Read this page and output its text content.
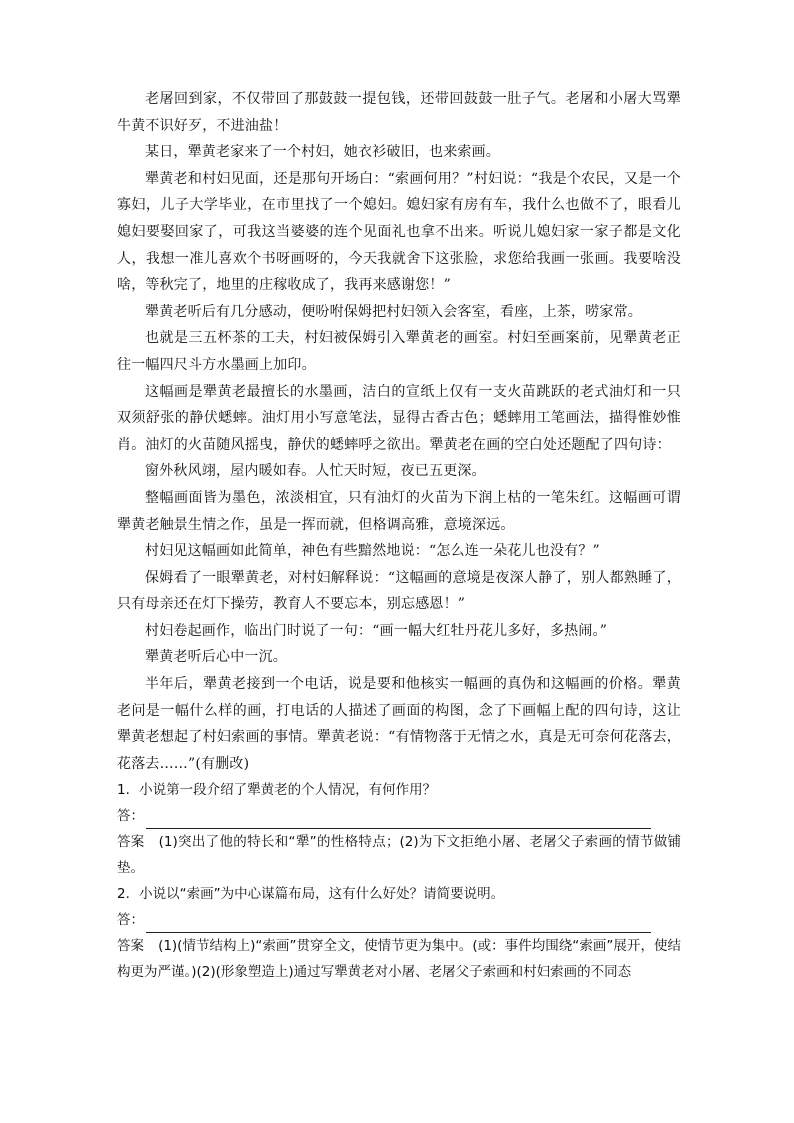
老屠回到家，不仅带回了那鼓鼓一提包钱，还带回鼓鼓一肚子气。老屠和小屠大骂犟牛黄不识好歹，不进油盐！

某日，犟黄老家来了一个村妇，她衣衫破旧，也来索画。

犟黄老和村妇见面，还是那句开场白：“索画何用？”村妇说：“我是个农民，又是一个寡妇，儿子大学毕业，在市里找了一个媳妇。媳妇家有房有车，我什么也做不了，眼看儿媳妇要娶回家了，可我这当婆婆的连个见面礼也拿不出来。听说儿媳妇家一家子都是文化人，我想一准儿喜欢个书呀画呀的，今天我就舍下这张脸，求您给我画一张画。我要啥没啥，等秋完了，地里的庄稼收成了，我再来感谢您！”

犟黄老听后有几分感动，便吩咐保姆把村妇领入会客室，看座，上茶，唠家常。

也就是三五杯茶的工夫，村妇被保姆引入犟黄老的画室。村妇至画案前，见犟黄老正往一幅四尺斗方水墨画上加印。

这幅画是犟黄老最擅长的水墨画，洁白的宣纸上仅有一支火苗跳跃的老式油灯和一只双须舒张的静伏蟋蟀。油灯用小写意笔法，显得古香古色；蟋蟀用工笔画法，描得惟妙惟肖。油灯的火苗随风摇曳，静伏的蟋蟀呼之欲出。犟黄老在画的空白处还题配了四句诗：

窗外秋风翊，屋内暖如春。人忙天时短，夜已五更深。

整幅画面皆为墨色，浓淡相宜，只有油灯的火苗为下润上枯的一笔朱红。这幅画可谓犟黄老触景生情之作，虽是一挥而就，但格调高雅，意境深远。

村妇见这幅画如此简单，神色有些黯然地说：“怎么连一朵花儿也没有？”

保姆看了一眼犟黄老，对村妇解释说：“这幅画的意境是夜深人静了，别人都熟睡了，只有母亲还在灯下操劳，教育人不要忘本，别忘感恩！”

村妇卷起画作，临出门时说了一句：“画一幅大红牡丹花儿多好，多热闹。”

犟黄老听后心中一沉。

半年后，犟黄老接到一个电话，说是要和他核实一幅画的真伪和这幅画的价格。犟黄老问是一幅什么样的画，打电话的人描述了画面的构图，念了下画幅上配的四句诗，这让犟黄老想起了村妇索画的事情。犟黄老说：“有情物落于无情之水，真是无可奈何花落去，花落去……”(有删改)

1．小说第一段介绍了犟黄老的个人情况，有何作用？

答：

答案 (1)突出了他的特长和“犟”的性格特点；(2)为下文拒绝小屠、老屠父子索画的情节做铺垫。

2．小说以“索画”为中心谋篇布局，这有什么好处？请简要说明。

答：

答案 (1)(情节结构上)“索画”贯穿全文，使情节更为集中。(或：事件均围绕“索画”展开，使结构更为严谨。)(2)(形象塑造上)通过写犟黄老对小屠、老屠父子索画和村妇索画的不同态
